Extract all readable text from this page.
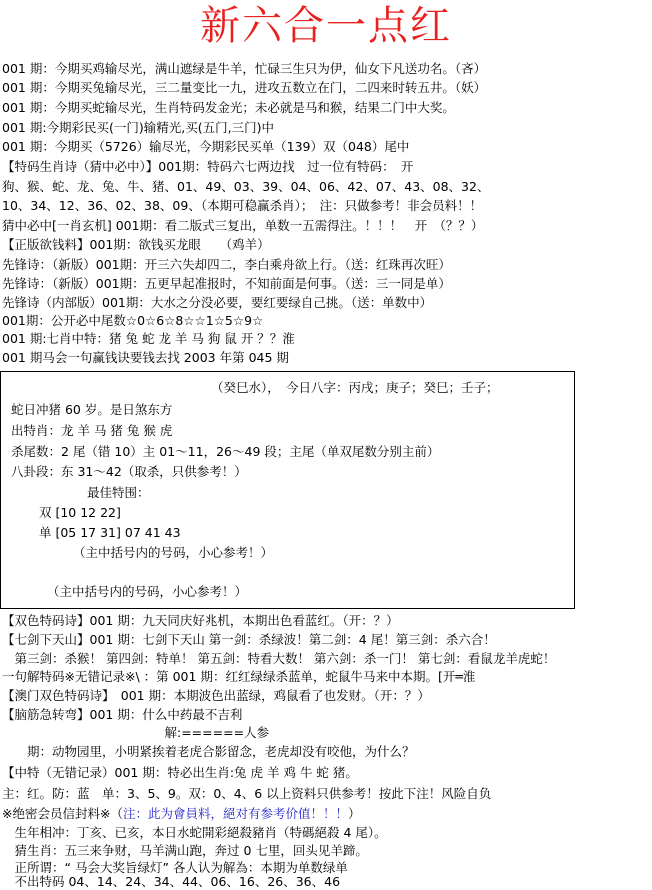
新六合一点红
001 期：今期买鸡输尽光，满山遮绿是牛羊，忙碌三生只为伊，仙女下凡送功名。（吝）
001 期：今期买兔输尽光，三二量变比一九，进攻五数立在门，二四来时转五井。（妖）
001 期：今期买蛇输尽光，生肖特码发金光；未必就是马和猴，结果二门中大奖。
001 期:今期彩民买(一门)输精光,买(五门,三门)中
001 期：今期买（5726）输尽光，今期彩民买单（139）双（048）尾中
【特码生肖诗（猜中必中）】001期：特码六七两边找　过一位有特码：　开
狗、猴、蛇、龙、兔、牛、猪、01、49、03、39、04、06、42、07、43、08、32、
10、34、12、36、02、38、09、（本期可稳赢杀肖）；　注：只做参考！非会员料！！
猜中必中[一肖玄机] 001期：看二版式三复出，单数一五需得注。！！！　开　（？？）
【正版欲钱料】001期：欲钱买龙眼　　（鸡羊）
先锋诗：（新版）001期：开三六失却四二，李白乘舟欲上行。（送：红珠再次旺）
先锋诗：（新版）001期：五更早起准报时，不知前面是何事。（送：三一同是单）
先锋诗（内部版）001期：大水之分没必要，要红要绿自己挑。（送：单数中）
001期：公开必中尾数☆0☆6☆8☆☆1☆5☆9☆
001 期:七肖中特：猪 兔 蛇 龙 羊 马 狗 鼠 开 ？？淮
001 期马会一句赢钱诀要钱去找 2003 年第 045 期
（癸巳水），　今日八字：丙戌；庚子；癸巳；壬子；
蛇日冲猪 60 岁。是日煞东方
出特肖：龙 羊 马 猪 兔 猴 虎
杀尾数：2 尾（错 10）主 01～11，26～49 段；主尾（单双尾数分别主前）
八卦段：东 31～42（取杀，只供参考！）
最佳特围：
双 [10 12 22]
单 [05 17 31] 07 41 43
（主中括号内的号码，小心参考！）
（主中括号内的号码，小心参考！）
【双色特码诗】001 期：九天同庆好兆机，本期出色看蓝红。（开：？）
【七剑下天山】001 期：七剑下天山 第一剑：杀绿波！第二剑：4 尾！第三剑：杀六合！
　第三剑：杀猴！ 第四剑：特单！ 第五剑：特看大数！ 第六剑：杀一门！ 第七剑：看鼠龙羊虎蛇！
一句解特码※无错记录※\ ：第 001 期：红红绿绿杀蓝单，蛇鼠牛马来中本期。[开═淮
【澳门双色特码诗】　001 期：本期波色出蓝绿，鸡鼠看了也发财。（开：？）
【脑筋急转弯】001 期：什么中药最不吉利
　　　　　　　　　　　　　解:======人参
　　期：动物园里，小明紧挨着老虎合影留念，老虎却没有咬他，为什么？
【中特（无错记录）001 期：特必出生肖:兔 虎 羊 鸡 牛 蛇 猪。
主：红。防：蓝　单：3、5、9。双：0、4、6 以上资料只供参考！按此下注！风险自负
※绝密会员信封料※（注：此为會員料，絕对有参考价值！！！）
　生年相冲：丁亥、已亥，本日水蛇開彩絕殺豬肖（特碼絕殺 4 尾）。
　猜生肖：五三来争财，马羊满山跑，奔过 0 七里，回头见羊蹄。
　正所谓：“ 马会大奖旨绿灯” 各人认为解為：本期为单数绿单
　不出特码 04、14、24、34、44、06、16、26、36、46
